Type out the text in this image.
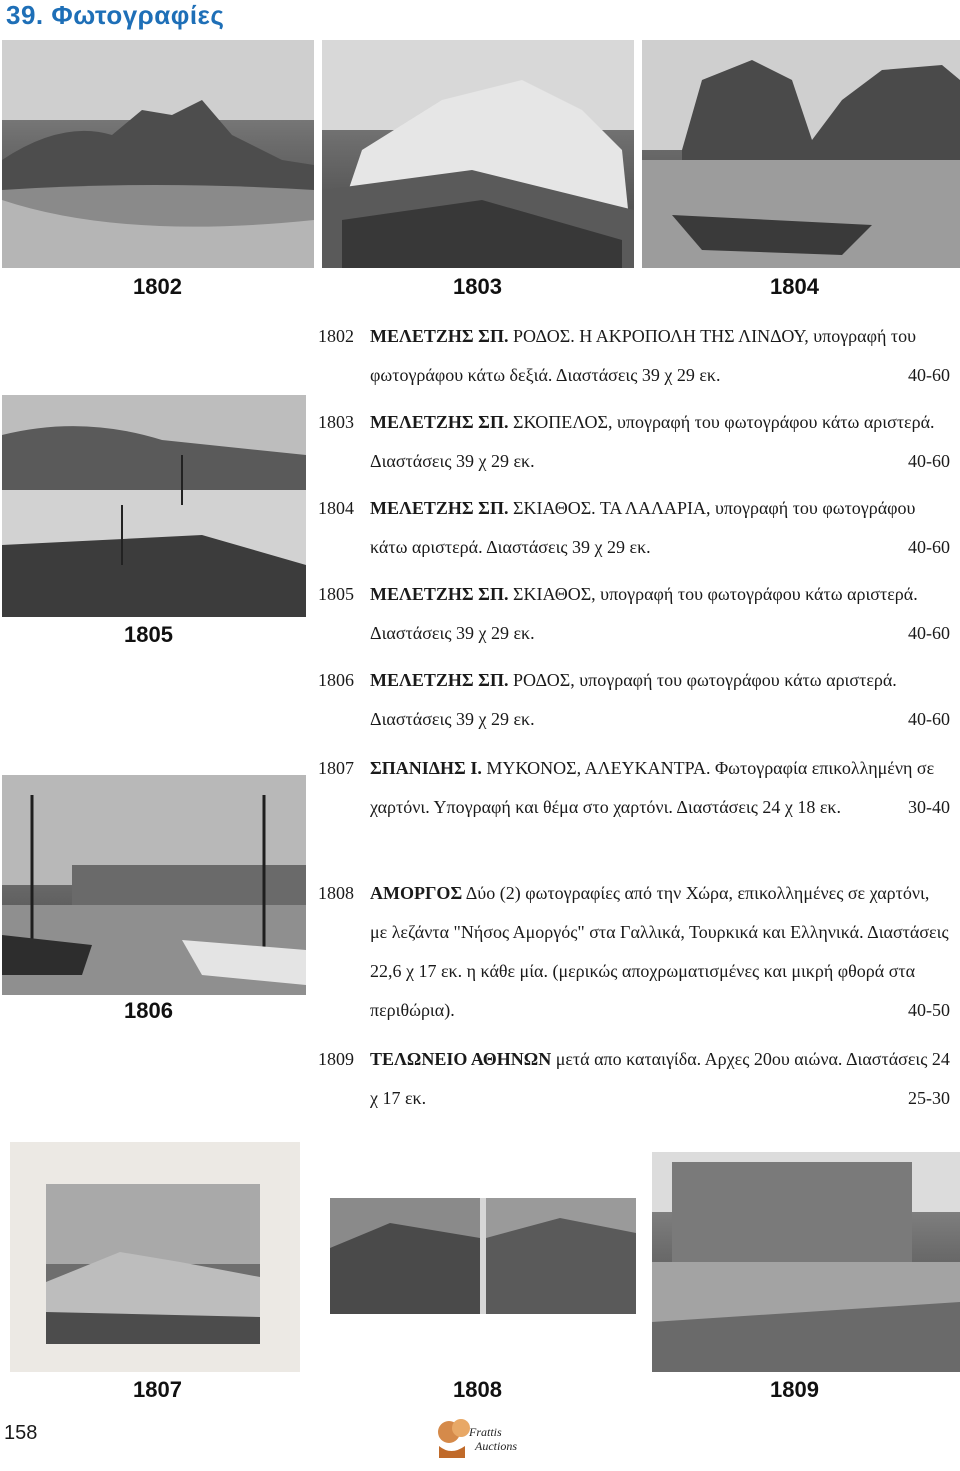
39. Φωτογραφίες
1802	1803	1804
1805
1806
1807	1808	1809
1802 ΜΕΛΕΤΖΗΣ ΣΠ. ΡΟΔΟΣ. Η ΑΚΡΟΠΟΛΗ ΤΗΣ ΛΙΝΔΟΥ, υπογραφή του φωτογράφου κάτω δεξιά. Διαστάσεις 39 χ 29 εκ.	40-60
1803 ΜΕΛΕΤΖΗΣ ΣΠ. ΣΚΟΠΕΛΟΣ, υπογραφή του φωτογράφου κάτω αριστερά. Διαστάσεις 39 χ 29 εκ.	40-60
1804 ΜΕΛΕΤΖΗΣ ΣΠ. ΣΚΙΑΘΟΣ. ΤΑ ΛΑΛΑΡΙΑ, υπογραφή του φωτογράφου κάτω αριστερά. Διαστάσεις 39 χ 29 εκ.	40-60
1805 ΜΕΛΕΤΖΗΣ ΣΠ. ΣΚΙΑΘΟΣ, υπογραφή του φωτογράφου κάτω αριστερά. Διαστάσεις 39 χ 29 εκ.	40-60
1806 ΜΕΛΕΤΖΗΣ ΣΠ. ΡΟΔΟΣ, υπογραφή του φωτογράφου κάτω αριστερά. Διαστάσεις 39 χ 29 εκ.	40-60
1807 ΣΠΑΝΙΔΗΣ Ι. ΜΥΚΟΝΟΣ, ΑΛΕΥΚΑΝΤΡΑ. Φωτογραφία επικολλημένη σε χαρτόνι. Υπογραφή και θέμα στο χαρτόνι. Διαστάσεις 24 χ 18 εκ.	30-40
1808 ΑΜΟΡΓΟΣ Δύο (2) φωτογραφίες από την Χώρα, επικολλημένες σε χαρτόνι, με λεζάντα "Νήσος Αμοργός" στα Γαλλικά, Τουρκικά και Ελληνικά. Διαστάσεις 22,6 χ 17 εκ. η κάθε μία. (μερικώς αποχρωματισμένες και μικρή φθορά στα περιθώρια).	40-50
1809 ΤΕΛΩΝΕΙΟ ΑΘΗΝΩΝ μετά απο καταιγίδα. Αρχες 20ου αιώνα. Διαστάσεις 24 χ 17 εκ.	25-30
158	Frattis
Auctions
